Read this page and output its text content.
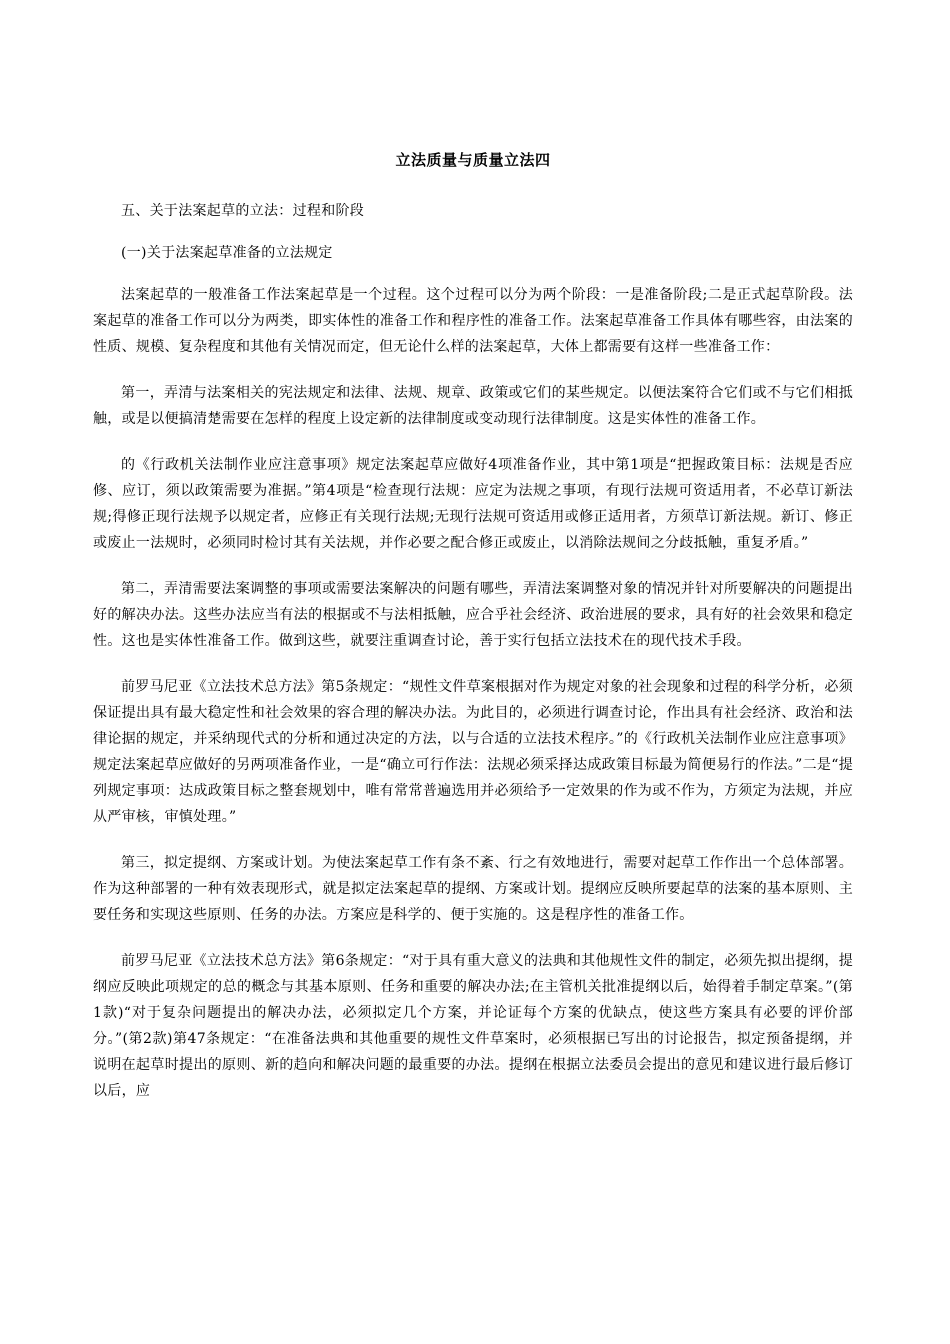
立法质量与质量立法四

五、关于法案起草的立法：过程和阶段

(一)关于法案起草准备的立法规定

法案起草的一般准备工作法案起草是一个过程。这个过程可以分为两个阶段：一是准备阶段;二是正式起草阶段。法案起草的准备工作可以分为两类，即实体性的准备工作和程序性的准备工作。法案起草准备工作具体有哪些容，由法案的性质、规模、复杂程度和其他有关情况而定，但无论什么样的法案起草，大体上都需要有这样一些准备工作：

第一，弄清与法案相关的宪法规定和法律、法规、规章、政策或它们的某些规定。以便法案符合它们或不与它们相抵触，或是以便搞清楚需要在怎样的程度上设定新的法律制度或变动现行法律制度。这是实体性的准备工作。

的《行政机关法制作业应注意事项》规定法案起草应做好4项准备作业，其中第1项是“把握政策目标：法规是否应修、应订，须以政策需要为准据。”第4项是“检查现行法规：应定为法规之事项，有现行法规可资适用者，不必草订新法规;得修正现行法规予以规定者，应修正有关现行法规;无现行法规可资适用或修正适用者，方须草订新法规。新订、修正或废止一法规时，必须同时检讨其有关法规，并作必要之配合修正或废止，以消除法规间之分歧抵触，重复矛盾。”

第二，弄清需要法案调整的事项或需要法案解决的问题有哪些，弄清法案调整对象的情况并针对所要解决的问题提出好的解决办法。这些办法应当有法的根据或不与法相抵触，应合乎社会经济、政治进展的要求，具有好的社会效果和稳定性。这也是实体性准备工作。做到这些，就要注重调查讨论，善于实行包括立法技术在的现代技术手段。

前罗马尼亚《立法技术总方法》第5条规定：“规性文件草案根据对作为规定对象的社会现象和过程的科学分析，必须保证提出具有最大稳定性和社会效果的容合理的解决办法。为此目的，必须进行调查讨论，作出具有社会经济、政治和法律论据的规定，并采纳现代式的分析和通过决定的方法，以与合适的立法技术程序。”的《行政机关法制作业应注意事项》规定法案起草应做好的另两项准备作业，一是“确立可行作法：法规必须采择达成政策目标最为简便易行的作法。”二是“提列规定事项：达成政策目标之整套规划中，唯有常常普遍选用并必须给予一定效果的作为或不作为，方须定为法规，并应从严审核，审慎处理。”

第三，拟定提纲、方案或计划。为使法案起草工作有条不紊、行之有效地进行，需要对起草工作作出一个总体部署。作为这种部署的一种有效表现形式，就是拟定法案起草的提纲、方案或计划。提纲应反映所要起草的法案的基本原则、主要任务和实现这些原则、任务的办法。方案应是科学的、便于实施的。这是程序性的准备工作。

前罗马尼亚《立法技术总方法》第6条规定：“对于具有重大意义的法典和其他规性文件的制定，必须先拟出提纲，提纲应反映此项规定的总的概念与其基本原则、任务和重要的解决办法;在主管机关批准提纲以后，始得着手制定草案。”(第1款)“对于复杂问题提出的解决办法，必须拟定几个方案，并论证每个方案的优缺点，使这些方案具有必要的评价部分。”(第2款)第47条规定：“在准备法典和其他重要的规性文件草案时，必须根据已写出的讨论报告，拟定预备提纲，并说明在起草时提出的原则、新的趋向和解决问题的最重要的办法。提纲在根据立法委员会提出的意见和建议进行最后修订以后，应
